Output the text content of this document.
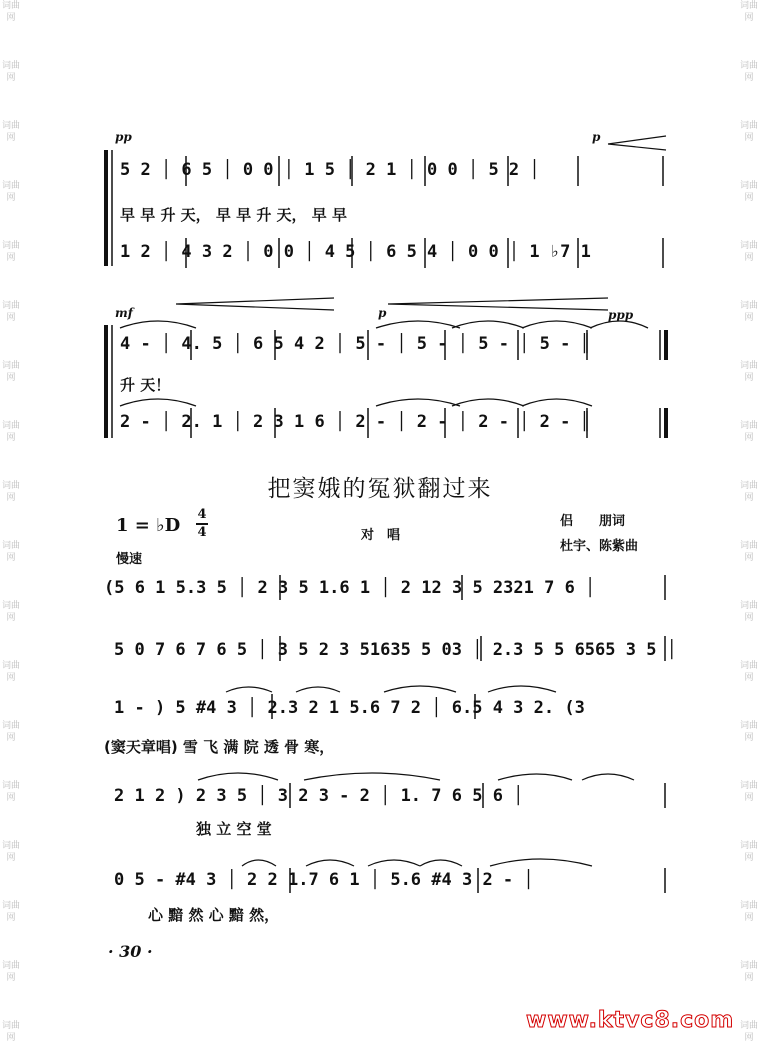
词曲网
词曲网
词曲网
词曲网
词曲网
词曲网
词曲网
词曲网
词曲网
词曲网
词曲网
词曲网
词曲网
词曲网
词曲网
词曲网
词曲网
词曲网
词曲网
词曲网
词曲网
词曲网
词曲网
词曲网
词曲网
词曲网
词曲网
词曲网
词曲网
词曲网
词曲网
词曲网
词曲网
词曲网
词曲网
词曲网
pp	p
5 2 │ 6 5 │ 0 0 │ 1 5 │ 2 1 │ 0 0 │ 5 2 │
早 早 升 天， 早 早 升 天， 早 早
1 2 │ 4 3 2 │ 0 0 │ 4 5 │ 6 5 4 │ 0 0 │ 1 ♭7 1
mf	p	ppp
4 - │ 4. 5 │ 6 5 4 2 │ 5 - │ 5 - │ 5 - │ 5 - ║
升 天！
2 - │ 2. 1 │ 2 3 1 6 │ 2 - │ 2 - │ 2 - │ 2 - ║
把窦娥的冤狱翻过来
1 = ♭D
4
4	对　唱
侣　　朋词
杜宇、陈紫曲
慢速
(5 6 1 5.3 5 │ 2 3 5 1.6 1 │ 2 12 3 5 2321 7 6 │
5 0 7 6 7 6 5 │ 3 5 2 3 51635 5 03 │ 2.3 5 5 6565 3 5 │
1 - ) 5 #4 3 │ 2.3 2 1 5.6 7 2 │ 6.5 4 3 2. (3
(窦天章唱) 雪 飞 满 院 透 骨 寒，
2 1 2 ) 2 3 5 │ 3 2 3 - 2 │ 1. 7 6 5 6 │
独 立 空 堂
0 5 - #4 3 │ 2 2 1.7 6 1 │ 5.6 #4 3 2 - │
心 黯 然 心 黯 然，
· 30 ·
www.ktvc8.com
